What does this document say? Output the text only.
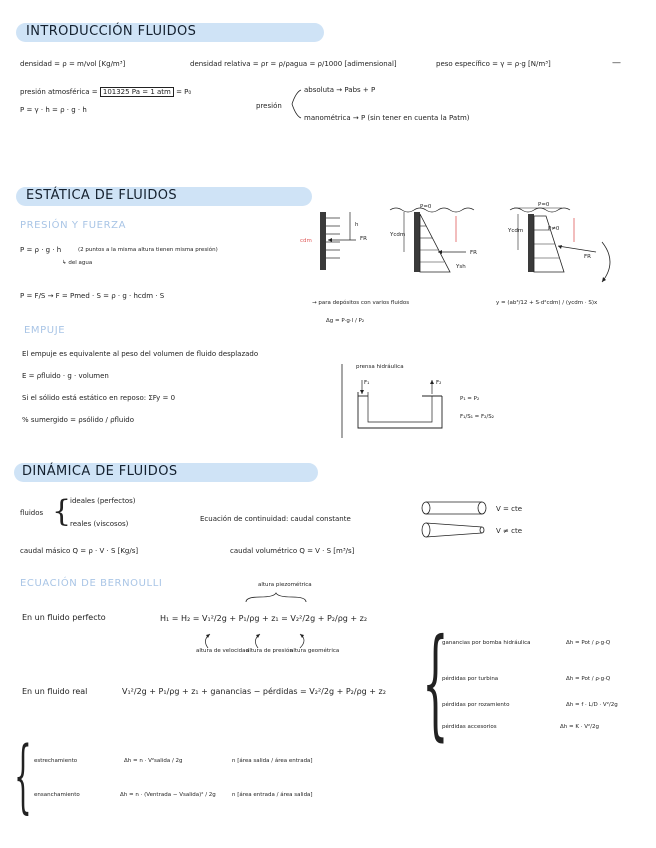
INTRODUCCIÓN FLUIDOS
densidad = ρ = m/vol [Kg/m³]	densidad relativa = ρr = ρ/ρagua = ρ/1000 [adimensional]	peso específico = γ = ρ·g [N/m³]	—
presión atmosférica = 101325 Pa = 1 atm = P₀
P = γ · h = ρ · g · h	presión
absoluta → Pabs + P
manométrica → P (sin tener en cuenta la Patm)
ESTÁTICA DE FLUIDOS
PRESIÓN Y FUERZA
P = ρ · g · h	(2 puntos a la misma altura tienen misma presión)
↳ del agua
P = F/S → F = Pmed · S = ρ · g · hcdm · S
h
cdm	FR
P=0
Ycdm
FR
Ysh
Ycdm	P≠0
P=0
FR
→ para depósitos con varios fluidos
Δg = P·g·l / P₂
y = (ab³/12 + S·d²cdm) / (ycdm · S) x
EMPUJE
El empuje es equivalente al peso del volumen de fluido desplazado
E = ρfluido · g · volumen
Si el sólido está estático en reposo: ΣFy = 0
% sumergido = ρsólido / ρfluido
prensa hidráulica
F₁	F₂
P₁ = P₂
F₁/S₁ = F₂/S₂
DINÁMICA DE FLUIDOS
fluidos {
ideales (perfectos)
reales (viscosos)
Ecuación de continuidad: caudal constante
V = cte
V ≠ cte
caudal másico Q = ρ · V · S [Kg/s]	caudal volumétrico Q = V · S [m³/s]
ECUACIÓN DE BERNOULLI	altura piezométrica
En un fluido perfecto	H₁ = H₂ = V₁²/2g + P₁/ρg + z₁ = V₂²/2g + P₂/ρg + z₂
altura de velocidad
altura de presión
altura geométrica
En un fluido real	V₁²/2g + P₁/ρg + z₁ + ganancias − pérdidas = V₂²/2g + P₂/ρg + z₂ {
ganancias por bomba hidráulica	Δh = Pot / ρ·g·Q
pérdidas por turbina	Δh = Pot / ρ·g·Q
pérdidas por rozamiento	Δh = f · L/D · V²/2g
pérdidas accesorios	Δh = K · V²/2g
{ estrechamiento	Δh = n · V²salida / 2g	n [área salida / área entrada]
ensanchamiento	Δh = n · (Ventrada − Vsalida)² / 2g	n [área entrada / área salida]
